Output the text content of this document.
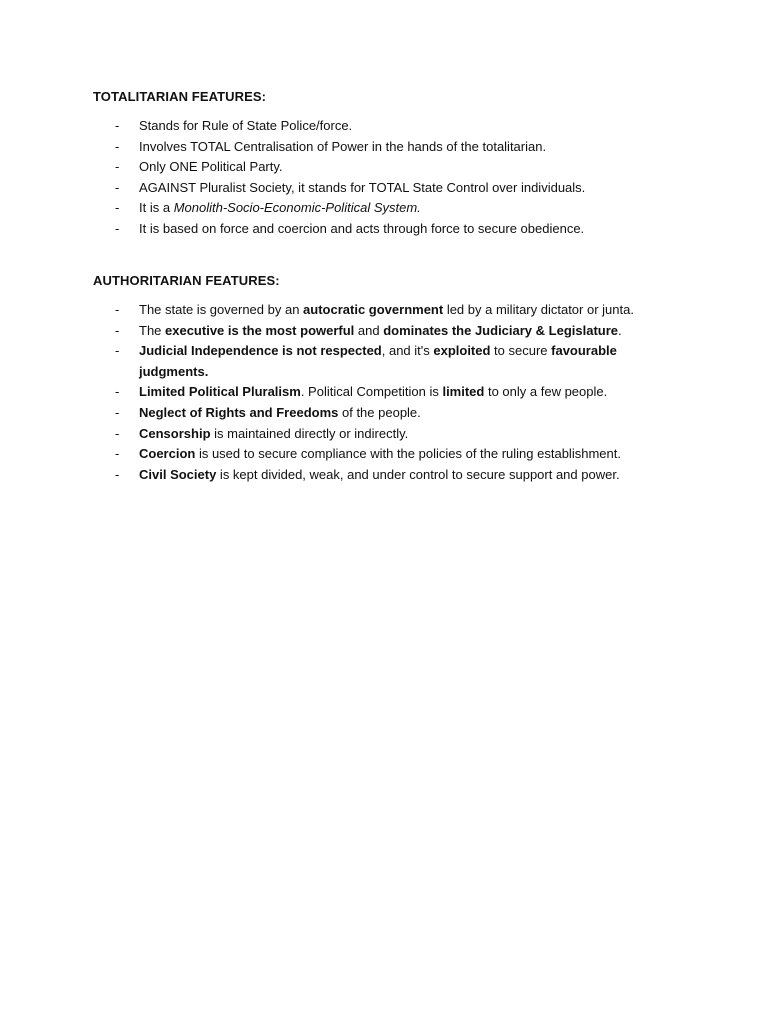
TOTALITARIAN FEATURES:
- Stands for Rule of State Police/force.
- Involves TOTAL Centralisation of Power in the hands of the totalitarian.
- Only ONE Political Party.
- AGAINST Pluralist Society, it stands for TOTAL State Control over individuals.
- It is a Monolith-Socio-Economic-Political System.
- It is based on force and coercion and acts through force to secure obedience.
AUTHORITARIAN FEATURES:
- The state is governed by an autocratic government led by a military dictator or junta.
- The executive is the most powerful and dominates the Judiciary & Legislature.
- Judicial Independence is not respected, and it's exploited to secure favourable judgments.
- Limited Political Pluralism. Political Competition is limited to only a few people.
- Neglect of Rights and Freedoms of the people.
- Censorship is maintained directly or indirectly.
- Coercion is used to secure compliance with the policies of the ruling establishment.
- Civil Society is kept divided, weak, and under control to secure support and power.
